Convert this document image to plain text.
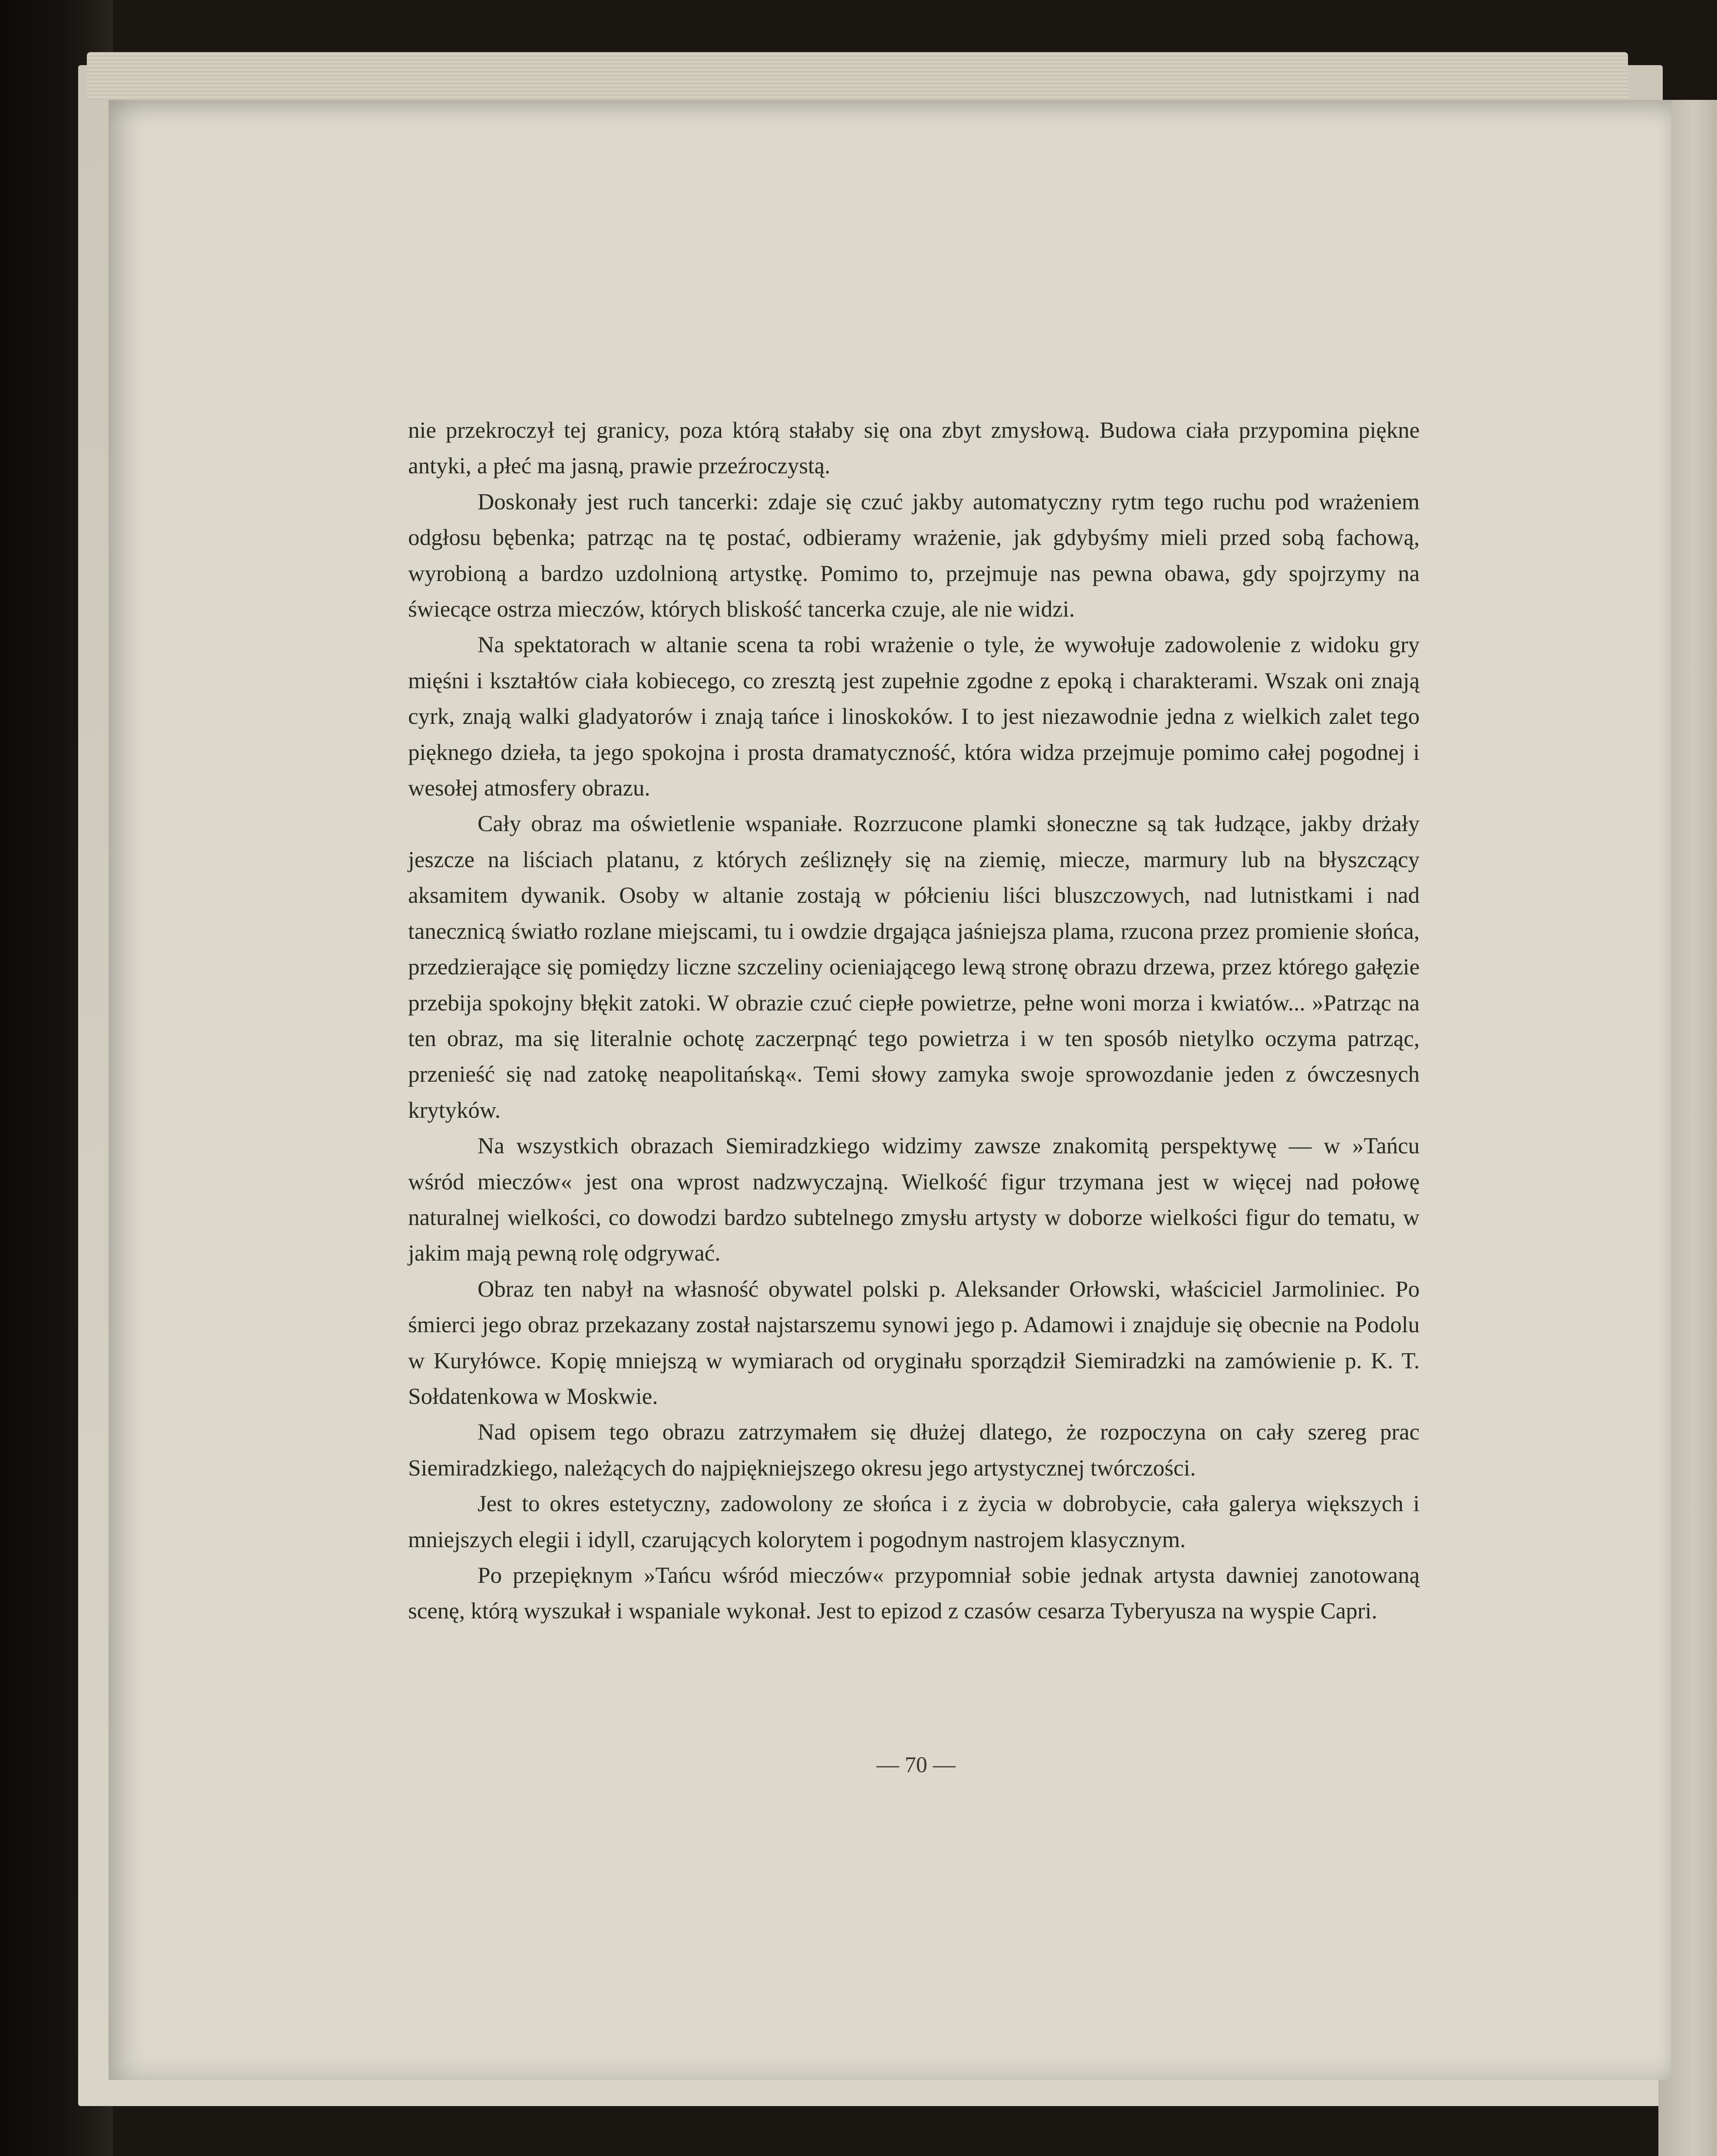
nie przekroczył tej granicy, poza którą stałaby się ona zbyt zmysłową. Budowa ciała przypomina piękne antyki, a płeć ma jasną, prawie przeźroczystą.

Doskonały jest ruch tancerki: zdaje się czuć jakby automatyczny rytm tego ruchu pod wrażeniem odgłosu bębenka; patrząc na tę postać, odbieramy wrażenie, jak gdybyśmy mieli przed sobą fachową, wyrobioną a bardzo uzdolnioną artystkę. Pomimo to, przejmuje nas pewna obawa, gdy spojrzymy na świecące ostrza mieczów, których bliskość tancerka czuje, ale nie widzi.

Na spektatorach w altanie scena ta robi wrażenie o tyle, że wywołuje zadowolenie z widoku gry mięśni i kształtów ciała kobiecego, co zresztą jest zupełnie zgodne z epoką i charakterami. Wszak oni znają cyrk, znają walki gladyatorów i znają tańce i linoskoków. I to jest niezawodnie jedna z wielkich zalet tego pięknego dzieła, ta jego spokojna i prosta dramatyczność, która widza przejmuje pomimo całej pogodnej i wesołej atmosfery obrazu.

Cały obraz ma oświetlenie wspaniałe. Rozrzucone plamki słoneczne są tak łudzące, jakby drżały jeszcze na liściach platanu, z których ześliznęły się na ziemię, miecze, marmury lub na błyszczący aksamitem dywanik. Osoby w altanie zostają w półcieniu liści bluszczowych, nad lutnistkami i nad tanecznicą światło rozlane miejscami, tu i owdzie drgająca jaśniejsza plama, rzucona przez promienie słońca, przedzierające się pomiędzy liczne szczeliny ocieniającego lewą stronę obrazu drzewa, przez którego gałęzie przebija spokojny błękit zatoki. W obrazie czuć ciepłe powietrze, pełne woni morza i kwiatów... »Patrząc na ten obraz, ma się literalnie ochotę zaczerpnąć tego powietrza i w ten sposób nietylko oczyma patrząc, przenieść się nad zatokę neapolitańską«. Temi słowy zamyka swoje sprowozdanie jeden z ówczesnych krytyków.

Na wszystkich obrazach Siemiradzkiego widzimy zawsze znakomitą perspektywę — w »Tańcu wśród mieczów« jest ona wprost nadzwyczajną. Wielkość figur trzymana jest w więcej nad połowę naturalnej wielkości, co dowodzi bardzo subtelnego zmysłu artysty w doborze wielkości figur do tematu, w jakim mają pewną rolę odgrywać.

Obraz ten nabył na własność obywatel polski p. Aleksander Orłowski, właściciel Jarmoliniec. Po śmierci jego obraz przekazany został najstarszemu synowi jego p. Adamowi i znajduje się obecnie na Podolu w Kuryłówce. Kopię mniejszą w wymiarach od oryginału sporządził Siemiradzki na zamówienie p. K. T. Sołdatenkowa w Moskwie.

Nad opisem tego obrazu zatrzymałem się dłużej dlatego, że rozpoczyna on cały szereg prac Siemiradzkiego, należących do najpiękniejszego okresu jego artystycznej twórczości.

Jest to okres estetyczny, zadowolony ze słońca i z życia w dobrobycie, cała galerya większych i mniejszych elegii i idyll, czarujących kolorytem i pogodnym nastrojem klasycznym.

Po przepięknym »Tańcu wśród mieczów« przypomniał sobie jednak artysta dawniej zanotowaną scenę, którą wyszukał i wspaniale wykonał. Jest to epizod z czasów cesarza Tyberyusza na wyspie Capri.

— 70 —
